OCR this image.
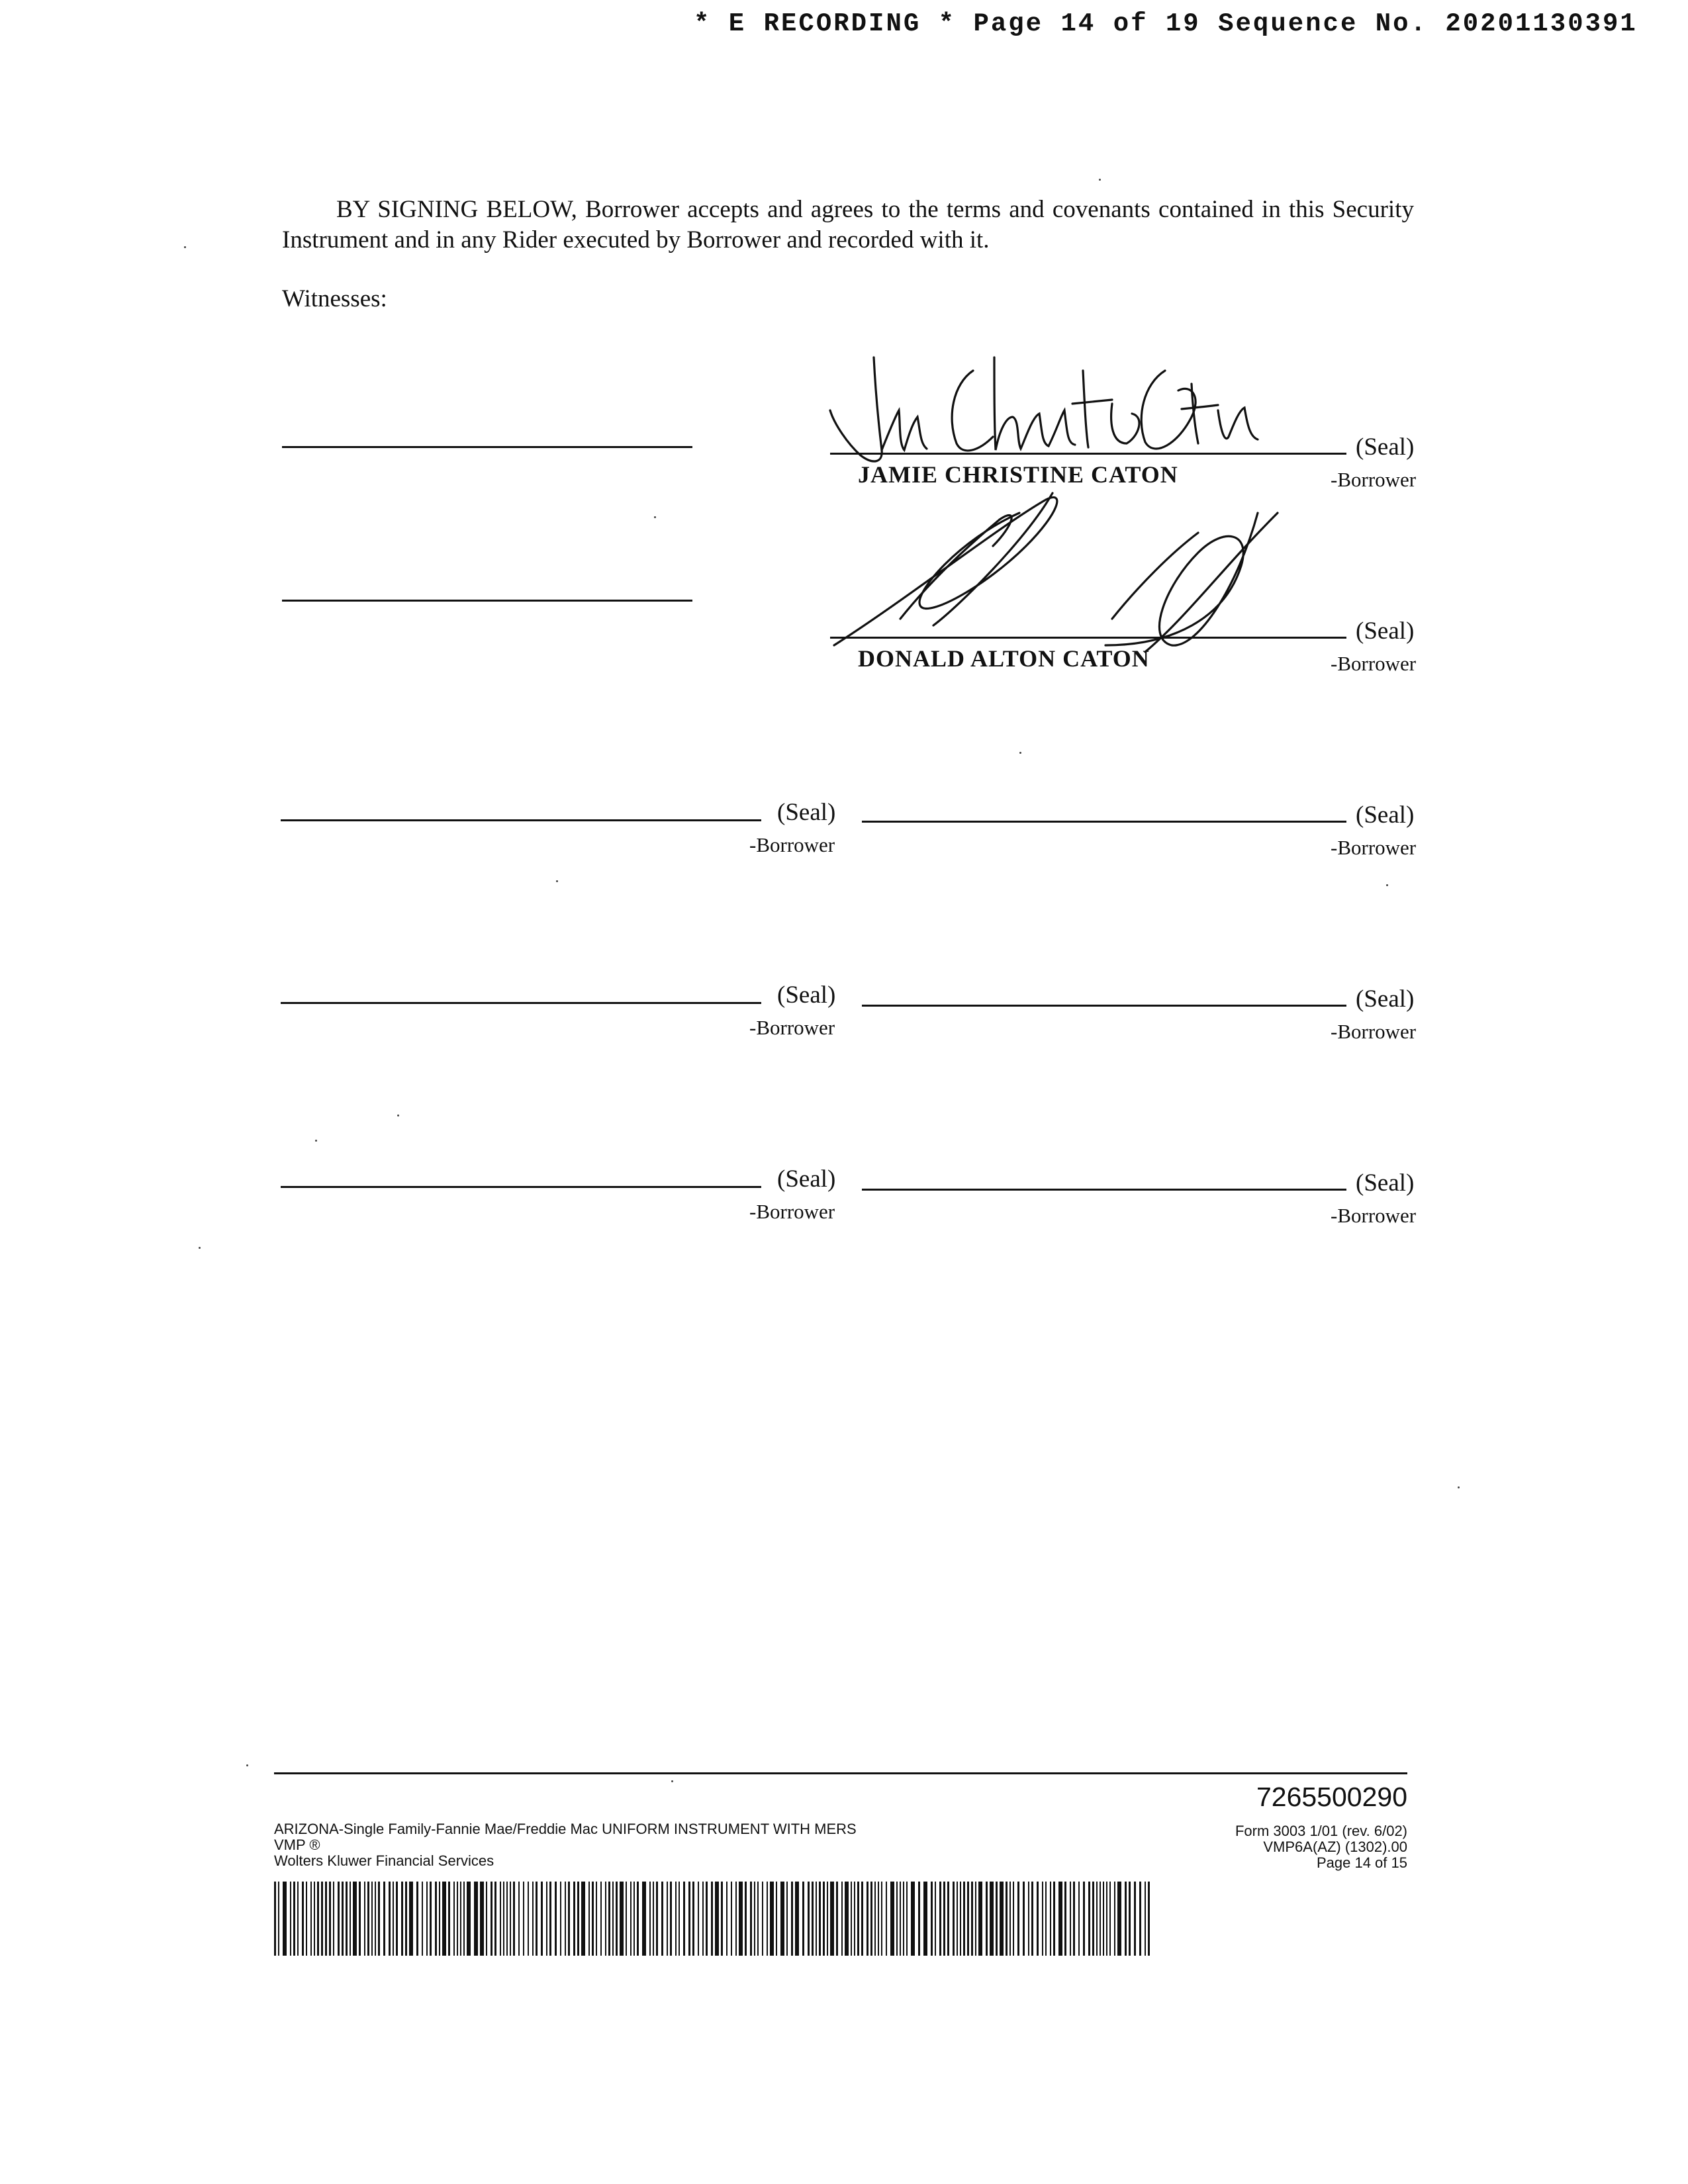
* E RECORDING * Page 14 of 19 Sequence No. 20201130391

BY SIGNING BELOW, Borrower accepts and agrees to the terms and covenants contained in this Security Instrument and in any Rider executed by Borrower and recorded with it.

Witnesses:
(Seal)
JAMIE CHRISTINE CATON	-Borrower
(Seal)
DONALD ALTON CATON	-Borrower
(Seal)
-Borrower
(Seal)
-Borrower
(Seal)
-Borrower
(Seal)
-Borrower
(Seal)
-Borrower
(Seal)
-Borrower
7265500290
ARIZONA-Single Family-Fannie Mae/Freddie Mac UNIFORM INSTRUMENT WITH MERS
VMP ®
Wolters Kluwer Financial Services
Form 3003 1/01 (rev. 6/02)
VMP6A(AZ) (1302).00
Page 14 of 15
